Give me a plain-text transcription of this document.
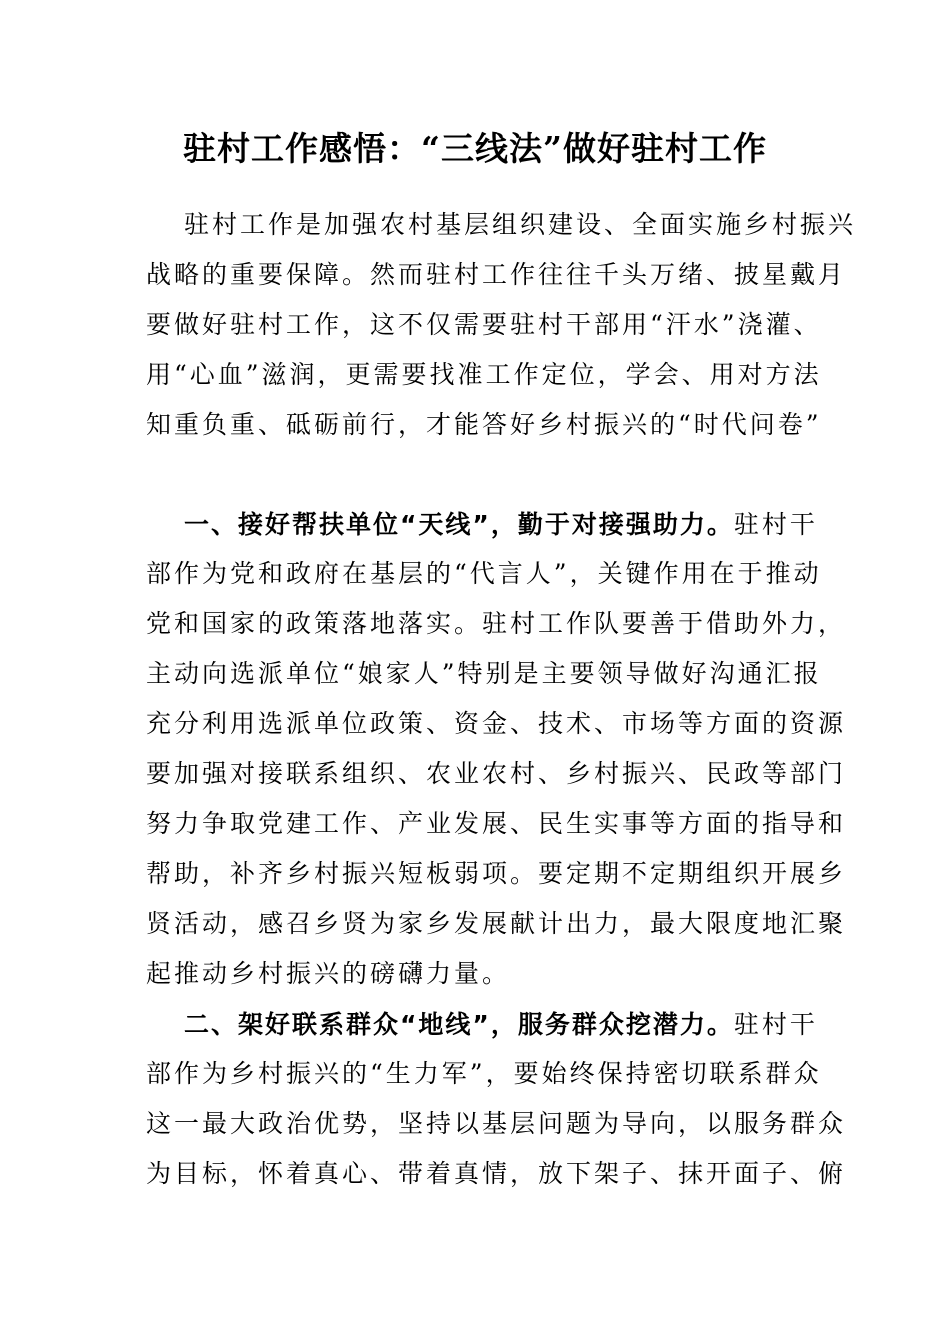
驻村工作感悟：“三线法”做好驻村工作
驻村工作是加强农村基层组织建设、全面实施乡村振兴
战略的重要保障。然而驻村工作往往千头万绪、披星戴月
要做好驻村工作，这不仅需要驻村干部用“汗水”浇灌、
用“心血”滋润，更需要找准工作定位，学会、用对方法
知重负重、砥砺前行，才能答好乡村振兴的“时代问卷”
一、接好帮扶单位“天线”，勤于对接强助力。驻村干
部作为党和政府在基层的“代言人”，关键作用在于推动
党和国家的政策落地落实。驻村工作队要善于借助外力，
主动向选派单位“娘家人”特别是主要领导做好沟通汇报
充分利用选派单位政策、资金、技术、市场等方面的资源
要加强对接联系组织、农业农村、乡村振兴、民政等部门
努力争取党建工作、产业发展、民生实事等方面的指导和
帮助，补齐乡村振兴短板弱项。要定期不定期组织开展乡
贤活动，感召乡贤为家乡发展献计出力，最大限度地汇聚
起推动乡村振兴的磅礴力量。
二、架好联系群众“地线”，服务群众挖潜力。驻村干
部作为乡村振兴的“生力军”，要始终保持密切联系群众
这一最大政治优势，坚持以基层问题为导向，以服务群众
为目标，怀着真心、带着真情，放下架子、抹开面子、俯
